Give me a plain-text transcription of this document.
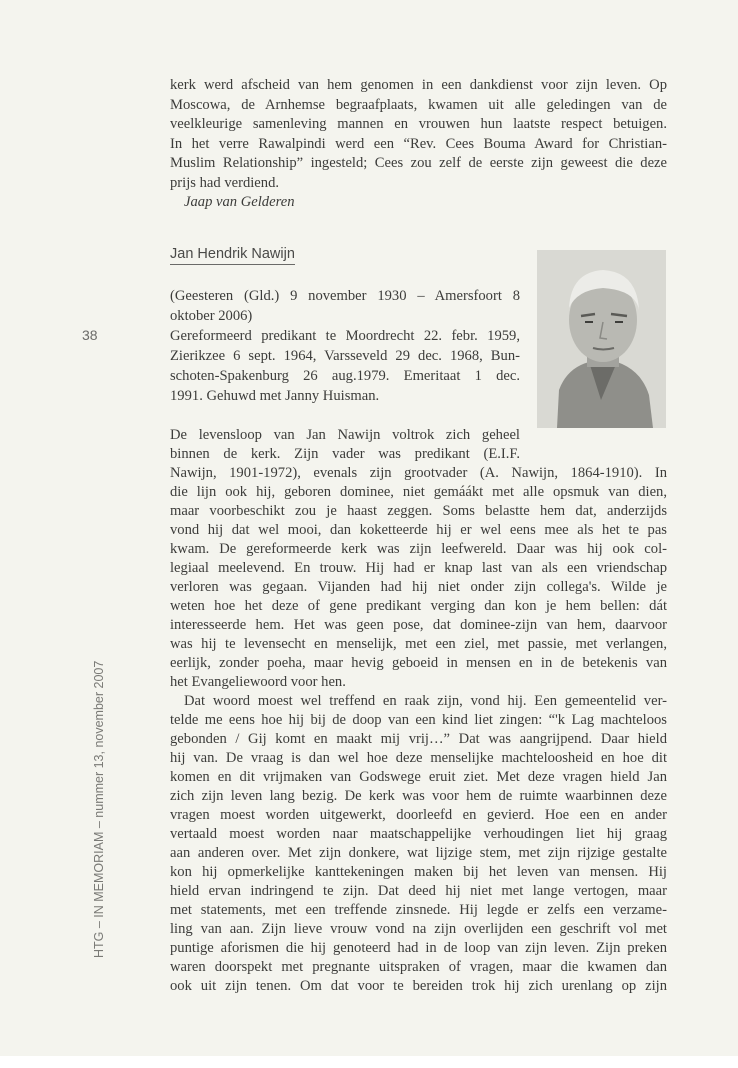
38
HTG – IN MEMORIAM – nummer 13, november 2007
kerk werd afscheid van hem genomen in een dankdienst voor zijn leven. Op
Moscowa, de Arnhemse begraafplaats, kwamen uit alle geledingen van de
veelkleurige samenleving mannen en vrouwen hun laatste respect betuigen.
In het verre Rawalpindi werd een “Rev. Cees Bouma Award for Christian-
Muslim Relationship” ingesteld; Cees zou zelf de eerste zijn geweest die deze
prijs had verdiend.
Jaap van Gelderen
Jan Hendrik Nawijn
(Geesteren (Gld.) 9 november 1930 – Amersfoort 8
oktober 2006)
Gereformeerd predikant te Moordrecht 22. febr. 1959,
Zierikzee 6 sept. 1964, Varsseveld 29 dec. 1968, Bun-
schoten-Spakenburg 26 aug.1979. Emeritaat 1 dec.
1991. Gehuwd met Janny Huisman.
De levensloop van Jan Nawijn voltrok zich geheel
binnen de kerk. Zijn vader was predikant (E.I.F.
Nawijn, 1901-1972), evenals zijn grootvader (A. Nawijn, 1864-1910). In
die lijn ook hij, geboren dominee, niet gemáákt met alle opsmuk van dien,
maar voorbeschikt zou je haast zeggen. Soms belastte hem dat, anderzijds
vond hij dat wel mooi, dan koketteerde hij er wel eens mee als het te pas
kwam. De gereformeerde kerk was zijn leefwereld. Daar was hij ook col-
legiaal meelevend. En trouw. Hij had er knap last van als een vriendschap
verloren was gegaan. Vijanden had hij niet onder zijn collega's. Wilde je
weten hoe het deze of gene predikant verging dan kon je hem bellen: dát
interesseerde hem. Het was geen pose, dat dominee-zijn van hem, daarvoor
was hij te levensecht en menselijk, met een ziel, met passie, met verlangen,
eerlijk, zonder poeha, maar hevig geboeid in mensen en in de betekenis van
het Evangeliewoord voor hen.
Dat woord moest wel treffend en raak zijn, vond hij. Een gemeentelid ver-
telde me eens hoe hij bij de doop van een kind liet zingen: “'k Lag machteloos
gebonden / Gij komt en maakt mij vrij…” Dat was aangrijpend. Daar hield
hij van. De vraag is dan wel hoe deze menselijke machteloosheid en hoe dit
komen en dit vrijmaken van Godswege eruit ziet. Met deze vragen hield Jan
zich zijn leven lang bezig. De kerk was voor hem de ruimte waarbinnen deze
vragen moest worden uitgewerkt, doorleefd en gevierd. Hoe een en ander
vertaald moest worden naar maatschappelijke verhoudingen liet hij graag
aan anderen over. Met zijn donkere, wat lijzige stem, met zijn rijzige gestalte
kon hij opmerkelijke kanttekeningen maken bij het leven van mensen. Hij
hield ervan indringend te zijn. Dat deed hij niet met lange vertogen, maar
met statements, met een treffende zinsnede. Hij legde er zelfs een verzame-
ling van aan. Zijn lieve vrouw vond na zijn overlijden een geschrift vol met
puntige aforismen die hij genoteerd had in de loop van zijn leven. Zijn preken
waren doorspekt met pregnante uitspraken of vragen, maar die kwamen dan
ook uit zijn tenen. Om dat voor te bereiden trok hij zich urenlang op zijn
